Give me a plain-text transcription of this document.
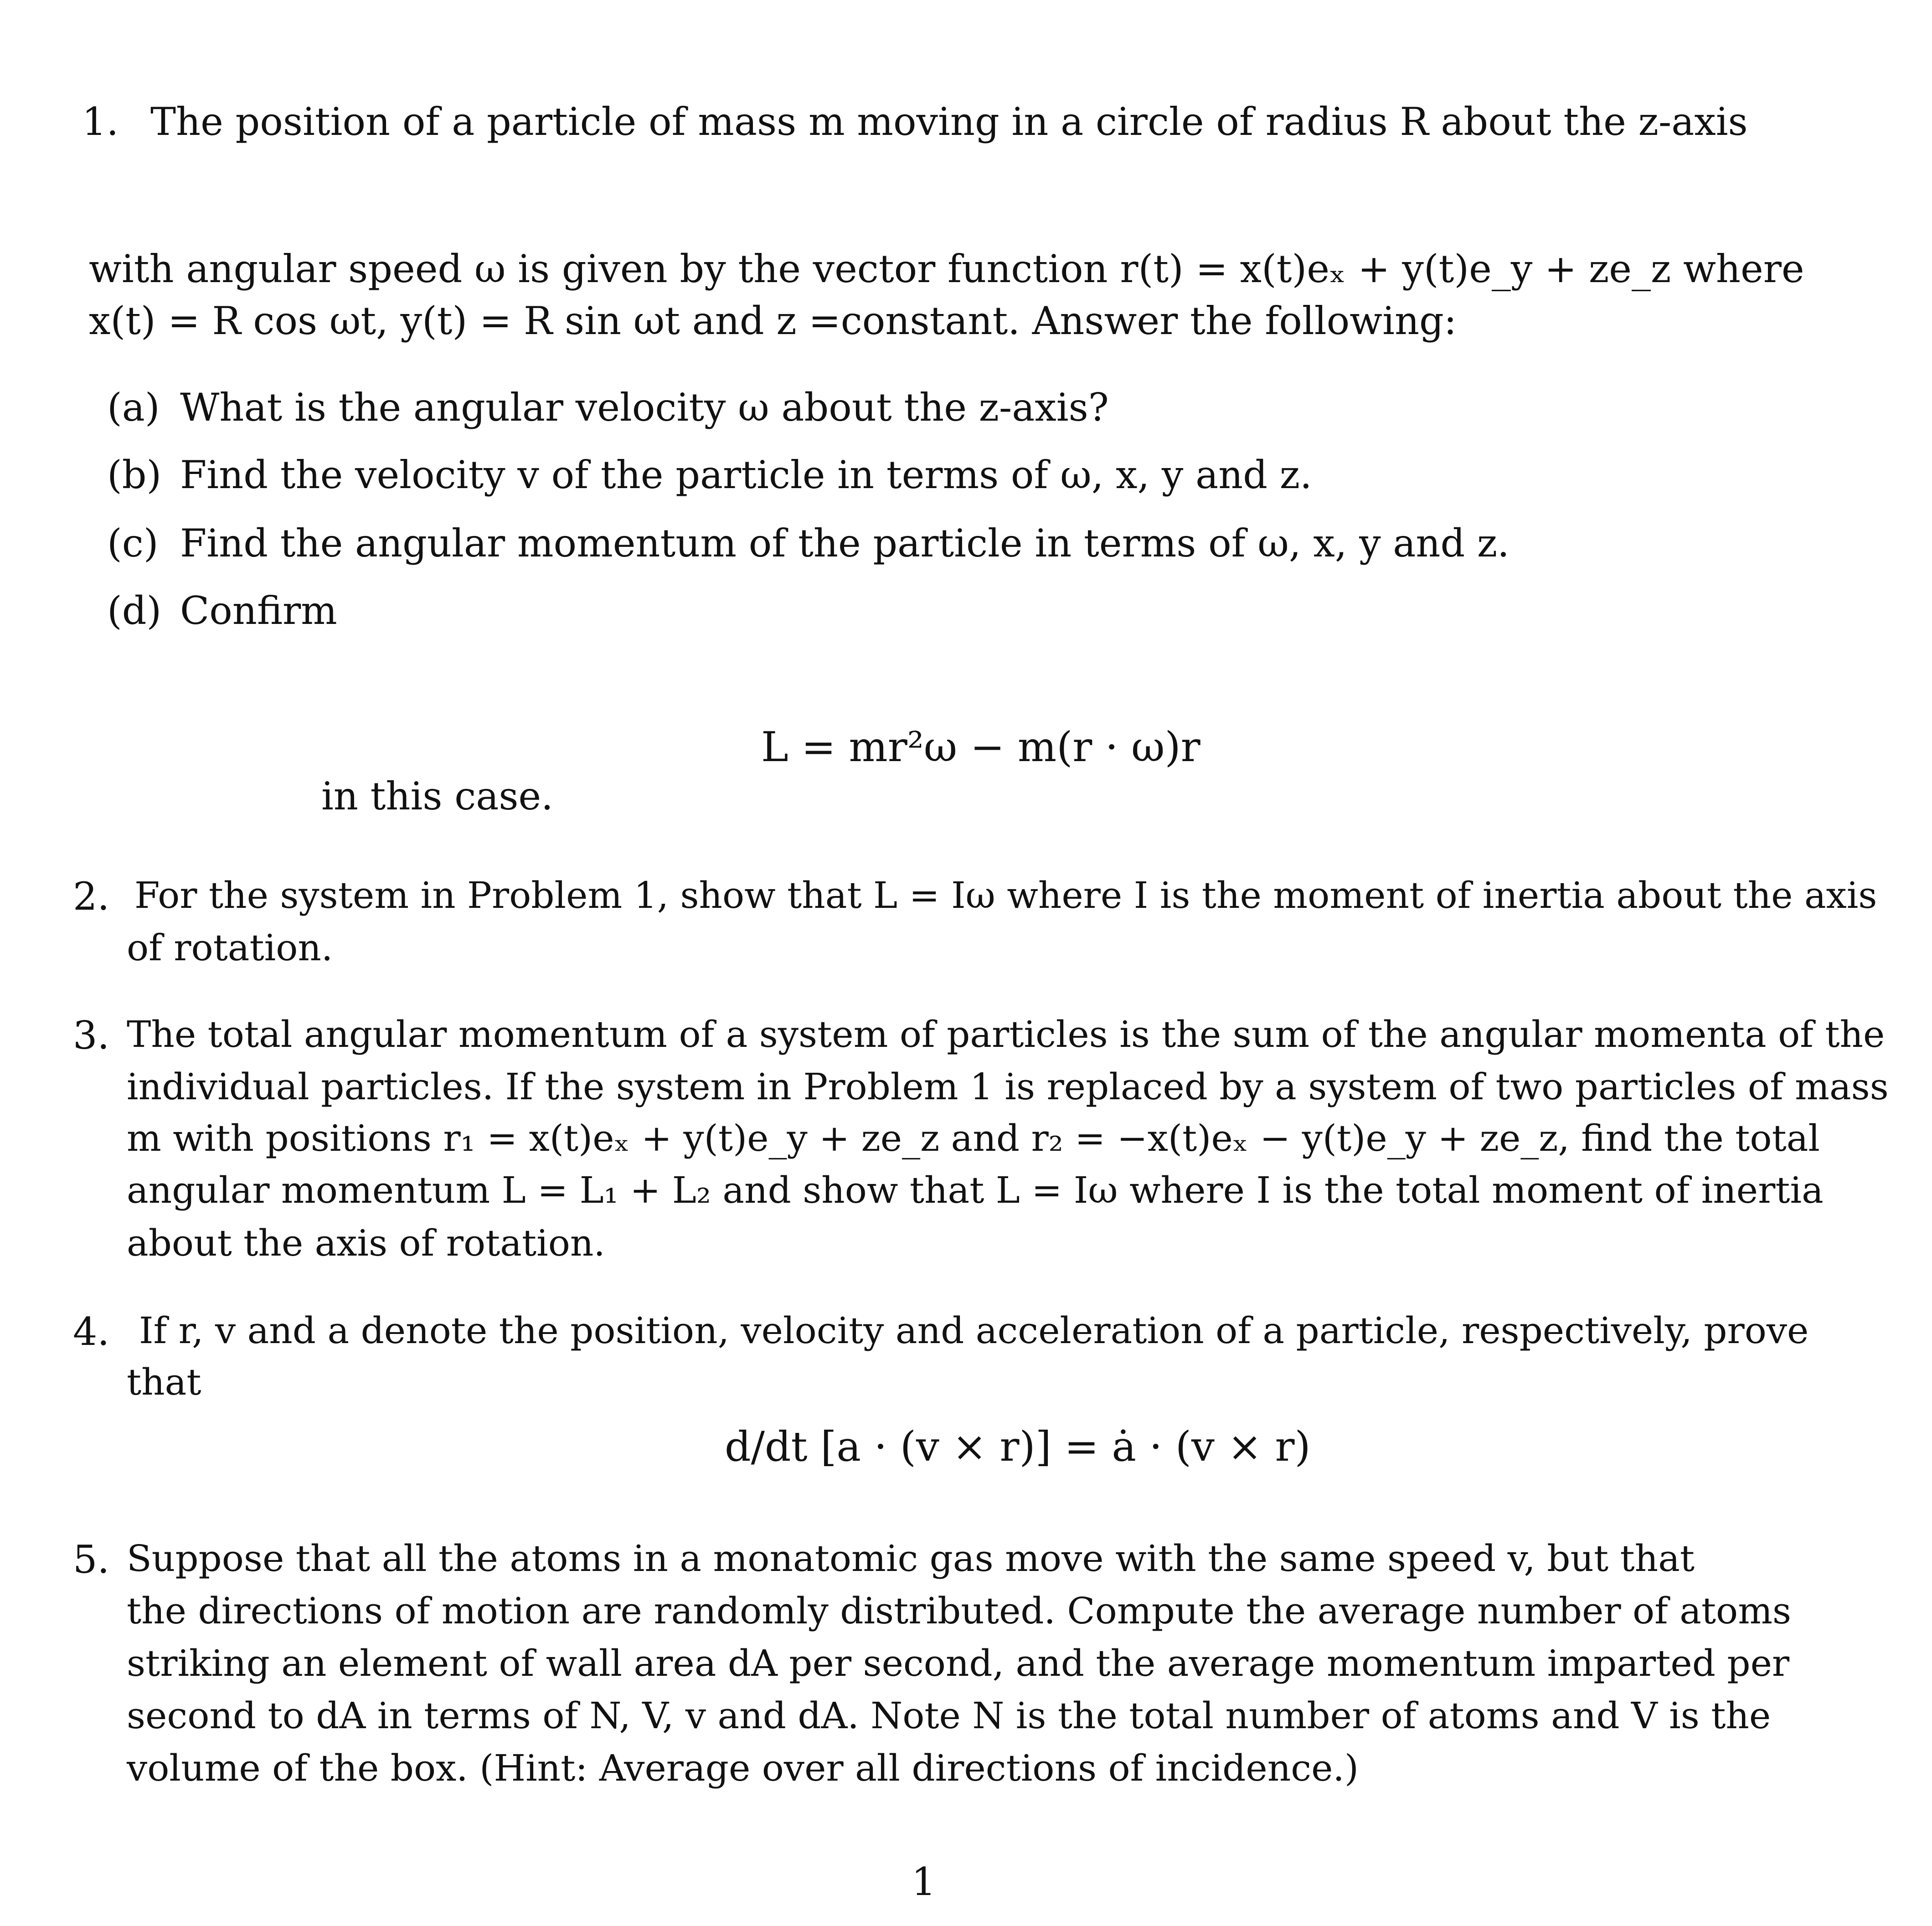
1. The position of a particle of mass m moving in a circle of radius R about the z-axis
with angular speed ω is given by the vector function r(t) = x(t)eₓ + y(t)e_y + ze_z where
x(t) = R cos ωt, y(t) = R sin ωt and z =constant. Answer the following:
(a) What is the angular velocity ω about the z-axis?
(b) Find the velocity v of the particle in terms of ω, x, y and z.
(c) Find the angular momentum of the particle in terms of ω, x, y and z.
(d) Confirm
L = mr²ω − m(r · ω)r
in this case.
2. For the system in Problem 1, show that L = Iω where I is the moment of inertia about the axis
of rotation.
3. The total angular momentum of a system of particles is the sum of the angular momenta of the
individual particles. If the system in Problem 1 is replaced by a system of two particles of mass
m with positions r₁ = x(t)eₓ + y(t)e_y + ze_z and r₂ = −x(t)eₓ − y(t)e_y + ze_z, find the total
angular momentum L = L₁ + L₂ and show that L = Iω where I is the total moment of inertia
about the axis of rotation.
4. If r, v and a denote the position, velocity and acceleration of a particle, respectively, prove
that
d/dt [a · (v × r)] = ȧ · (v × r)
5. Suppose that all the atoms in a monatomic gas move with the same speed v, but that
the directions of motion are randomly distributed. Compute the average number of atoms
striking an element of wall area dA per second, and the average momentum imparted per
second to dA in terms of N, V, v and dA. Note N is the total number of atoms and V is the
volume of the box. (Hint: Average over all directions of incidence.)
1
